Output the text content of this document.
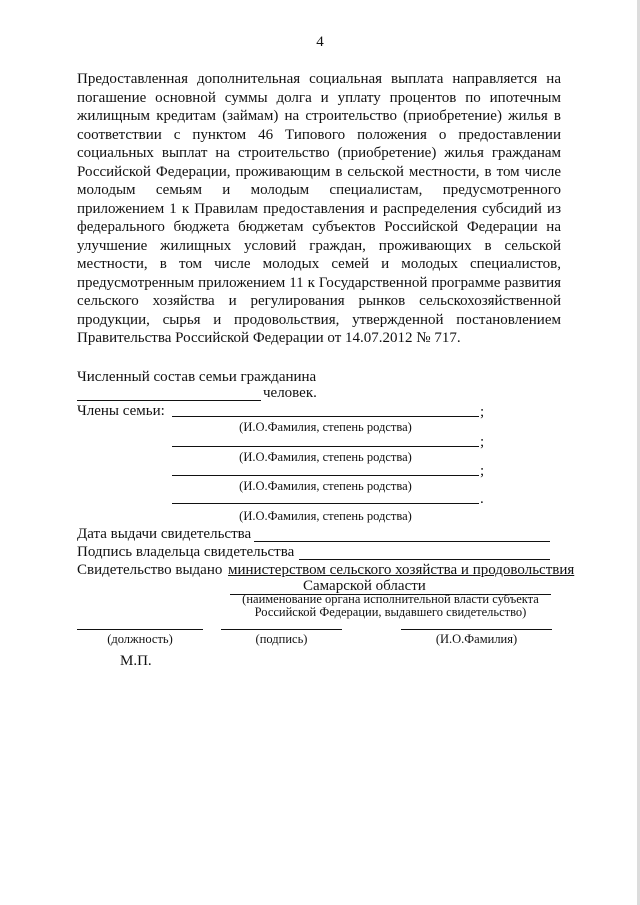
4
Предоставленная дополнительная социальная выплата направляется на погашение основной суммы долга и уплату процентов по ипотечным жилищным кредитам (займам) на строительство (приобретение) жилья в соответствии с пунктом 46 Типового положения о предоставлении социальных выплат на строительство (приобретение) жилья гражданам Российской Федерации, проживающим в сельской местности, в том числе молодым семьям и молодым специалистам, предусмотренного приложением 1 к Правилам предоставления и распределения субсидий из федерального бюджета бюджетам субъектов Российской Федерации на улучшение жилищных условий граждан, проживающих в сельской местности, в том числе молодых семей и молодых специалистов, предусмотренным приложением 11 к Государственной программе развития сельского хозяйства и регулирования рынков сельскохозяйственной продукции, сырья и продовольствия, утвержденной постановлением Правительства Российской Федерации от 14.07.2012 № 717.
Численный состав семьи гражданина
человек.
Члены семьи:	;
(И.О.Фамилия, степень родства)
;
(И.О.Фамилия, степень родства)
;
(И.О.Фамилия, степень родства)
.
(И.О.Фамилия, степень родства)
Дата выдачи свидетельства
Подпись владельца свидетельства
Свидетельство выдано министерством сельского хозяйства и продовольствия
Самарской области
(наименование органа исполнительной власти субъекта
Российской Федерации, выдавшего свидетельство)
(должность)	(подпись)	(И.О.Фамилия)
М.П.
